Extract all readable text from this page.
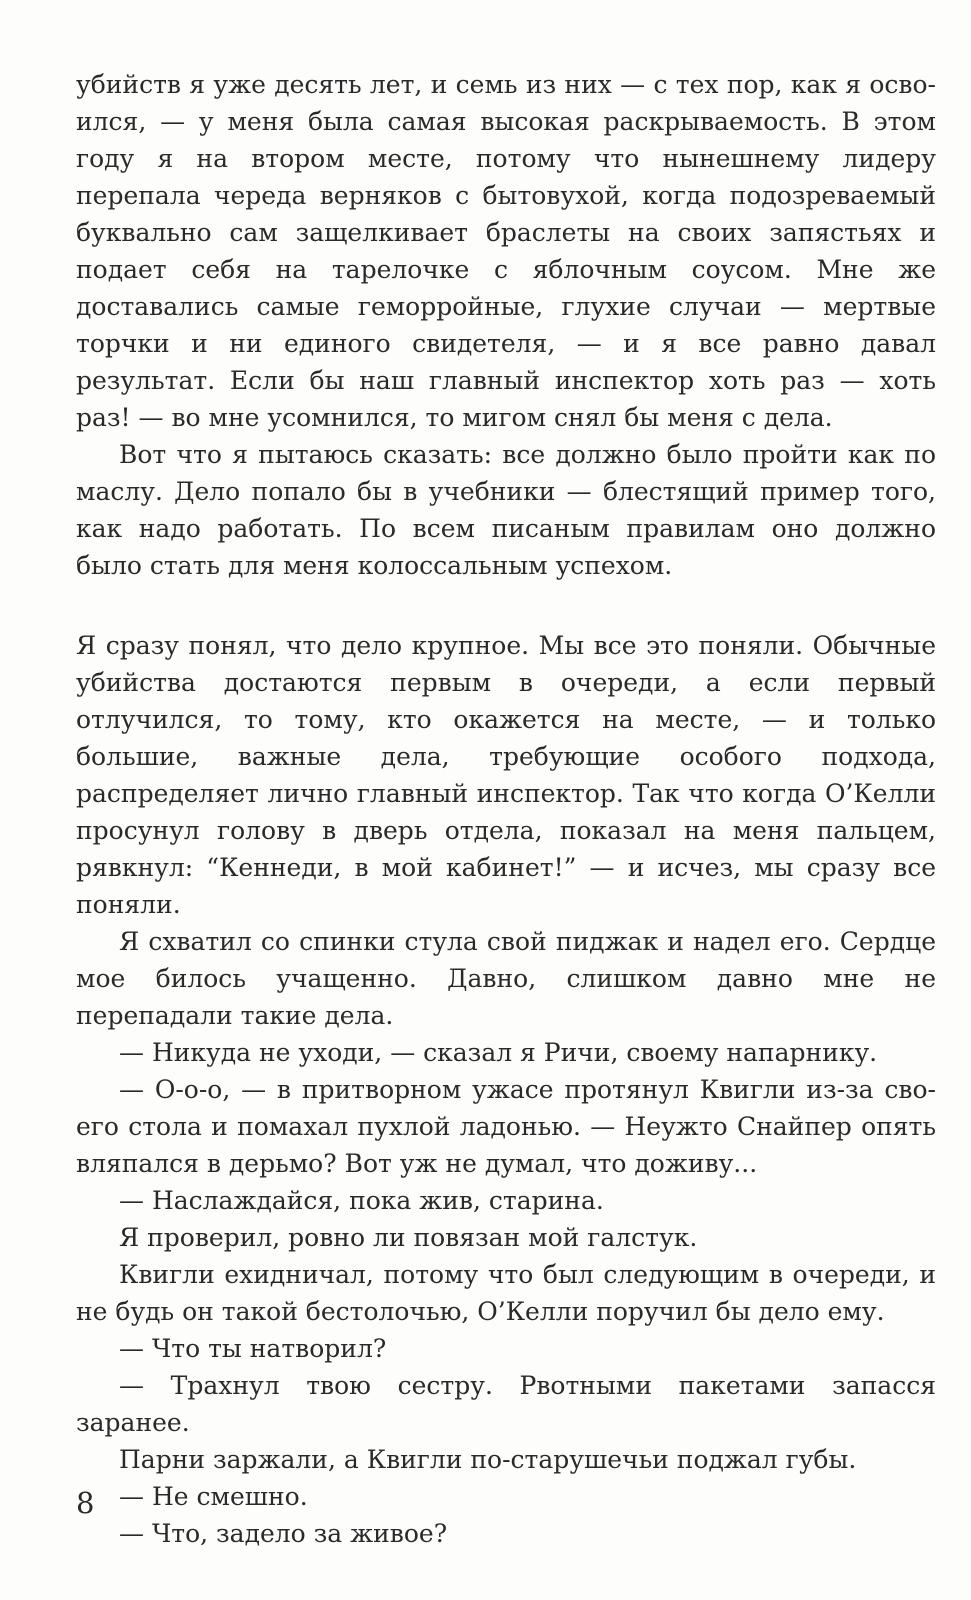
убийств я уже десять лет, и семь из них — с тех пор, как я освоился, — у меня была самая высокая раскрываемость. В этом году я на втором месте, потому что нынешнему лидеру перепала череда верняков с бытовухой, когда подозреваемый буквально сам защелкивает браслеты на своих запястьях и подает себя на тарелочке с яблочным соусом. Мне же доставались самые геморройные, глухие случаи — мертвые торчки и ни единого свидетеля, — и я все равно давал результат. Если бы наш главный инспектор хоть раз — хоть раз! — во мне усомнился, то мигом снял бы меня с дела.

Вот что я пытаюсь сказать: все должно было пройти как по маслу. Дело попало бы в учебники — блестящий пример того, как надо работать. По всем писаным правилам оно должно было стать для меня колоссальным успехом.

Я сразу понял, что дело крупное. Мы все это поняли. Обычные убийства достаются первым в очереди, а если первый отлучился, то тому, кто окажется на месте, — и только большие, важные дела, требующие особого подхода, распределяет лично главный инспектор. Так что когда О’Келли просунул голову в дверь отдела, показал на меня пальцем, рявкнул: “Кеннеди, в мой кабинет!” — и исчез, мы сразу все поняли.

Я схватил со спинки стула свой пиджак и надел его. Сердце мое билось учащенно. Давно, слишком давно мне не перепадали такие дела.

— Никуда не уходи, — сказал я Ричи, своему напарнику.

— О-о-о, — в притворном ужасе протянул Квигли из-за своего стола и помахал пухлой ладонью. — Неужто Снайпер опять вляпался в дерьмо? Вот уж не думал, что доживу...

— Наслаждайся, пока жив, старина.

Я проверил, ровно ли повязан мой галстук.

Квигли ехидничал, потому что был следующим в очереди, и не будь он такой бестолочью, О’Келли поручил бы дело ему.

— Что ты натворил?

— Трахнул твою сестру. Рвотными пакетами запасся заранее.

Парни заржали, а Квигли по-старушечьи поджал губы.

— Не смешно.

— Что, задело за живое?

8
